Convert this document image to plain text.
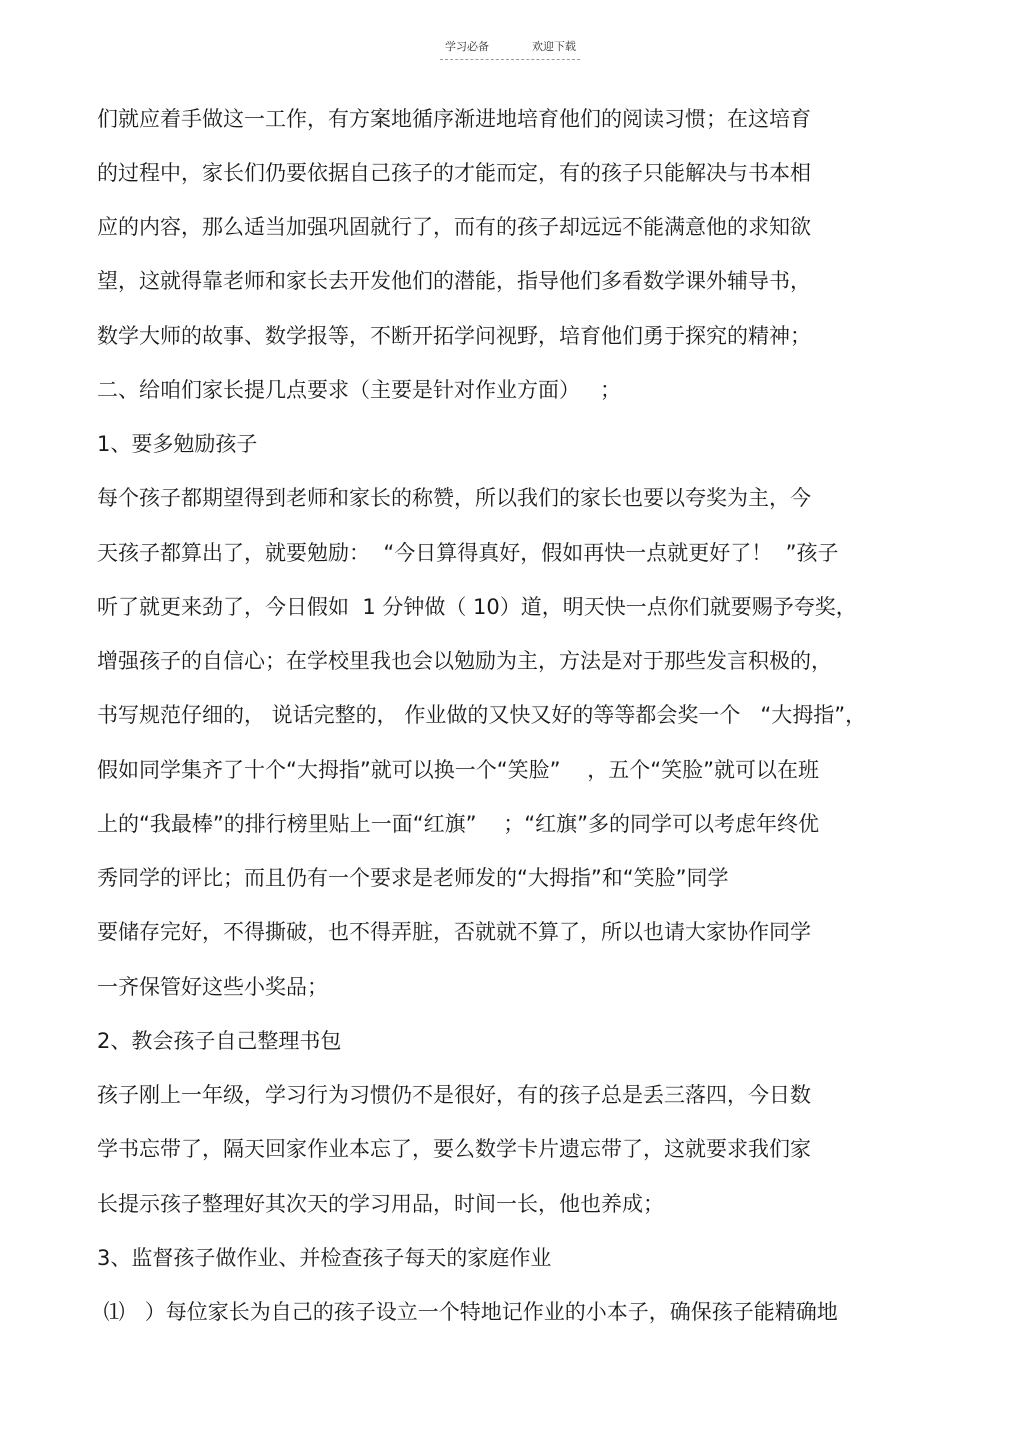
学习必备	欢迎下载
们就应着手做这一工作，有方案地循序渐进地培育他们的阅读习惯；在这培育
的过程中，家长们仍要依据自己孩子的才能而定，有的孩子只能解决与书本相
应的内容，那么适当加强巩固就行了，而有的孩子却远远不能满意他的求知欲
望，这就得靠老师和家长去开发他们的潜能，指导他们多看数学课外辅导书，
数学大师的故事、数学报等，不断开拓学问视野，培育他们勇于探究的精神；
二、给咱们家长提几点要求（主要是针对作业方面）   ；
1、要多勉励孩子
每个孩子都期望得到老师和家长的称赞，所以我们的家长也要以夸奖为主，今
天孩子都算出了，就要勉励：  “今日算得真好，假如再快一点就更好了！  ”孩子
听了就更来劲了，今日假如  1 分钟做（ 10）道，明天快一点你们就要赐予夸奖，
增强孩子的自信心；在学校里我也会以勉励为主，方法是对于那些发言积极的，
书写规范仔细的， 说话完整的， 作业做的又快又好的等等都会奖一个   “大拇指”，
假如同学集齐了十个“大拇指”就可以换一个“笑脸”    ，五个“笑脸”就可以在班
上的“我最棒”的排行榜里贴上一面“红旗”    ；“红旗”多的同学可以考虑年终优
秀同学的评比；而且仍有一个要求是老师发的“大拇指”和“笑脸”同学
要储存完好，不得撕破，也不得弄脏，否就就不算了，所以也请大家协作同学
一齐保管好这些小奖品；
2、教会孩子自己整理书包
孩子刚上一年级，学习行为习惯仍不是很好，有的孩子总是丢三落四，今日数
学书忘带了，隔天回家作业本忘了，要么数学卡片遗忘带了，这就要求我们家
长提示孩子整理好其次天的学习用品，时间一长，他也养成；
3、监督孩子做作业、并检查孩子每天的家庭作业
⑴   ）每位家长为自己的孩子设立一个特地记作业的小本子，确保孩子能精确地
